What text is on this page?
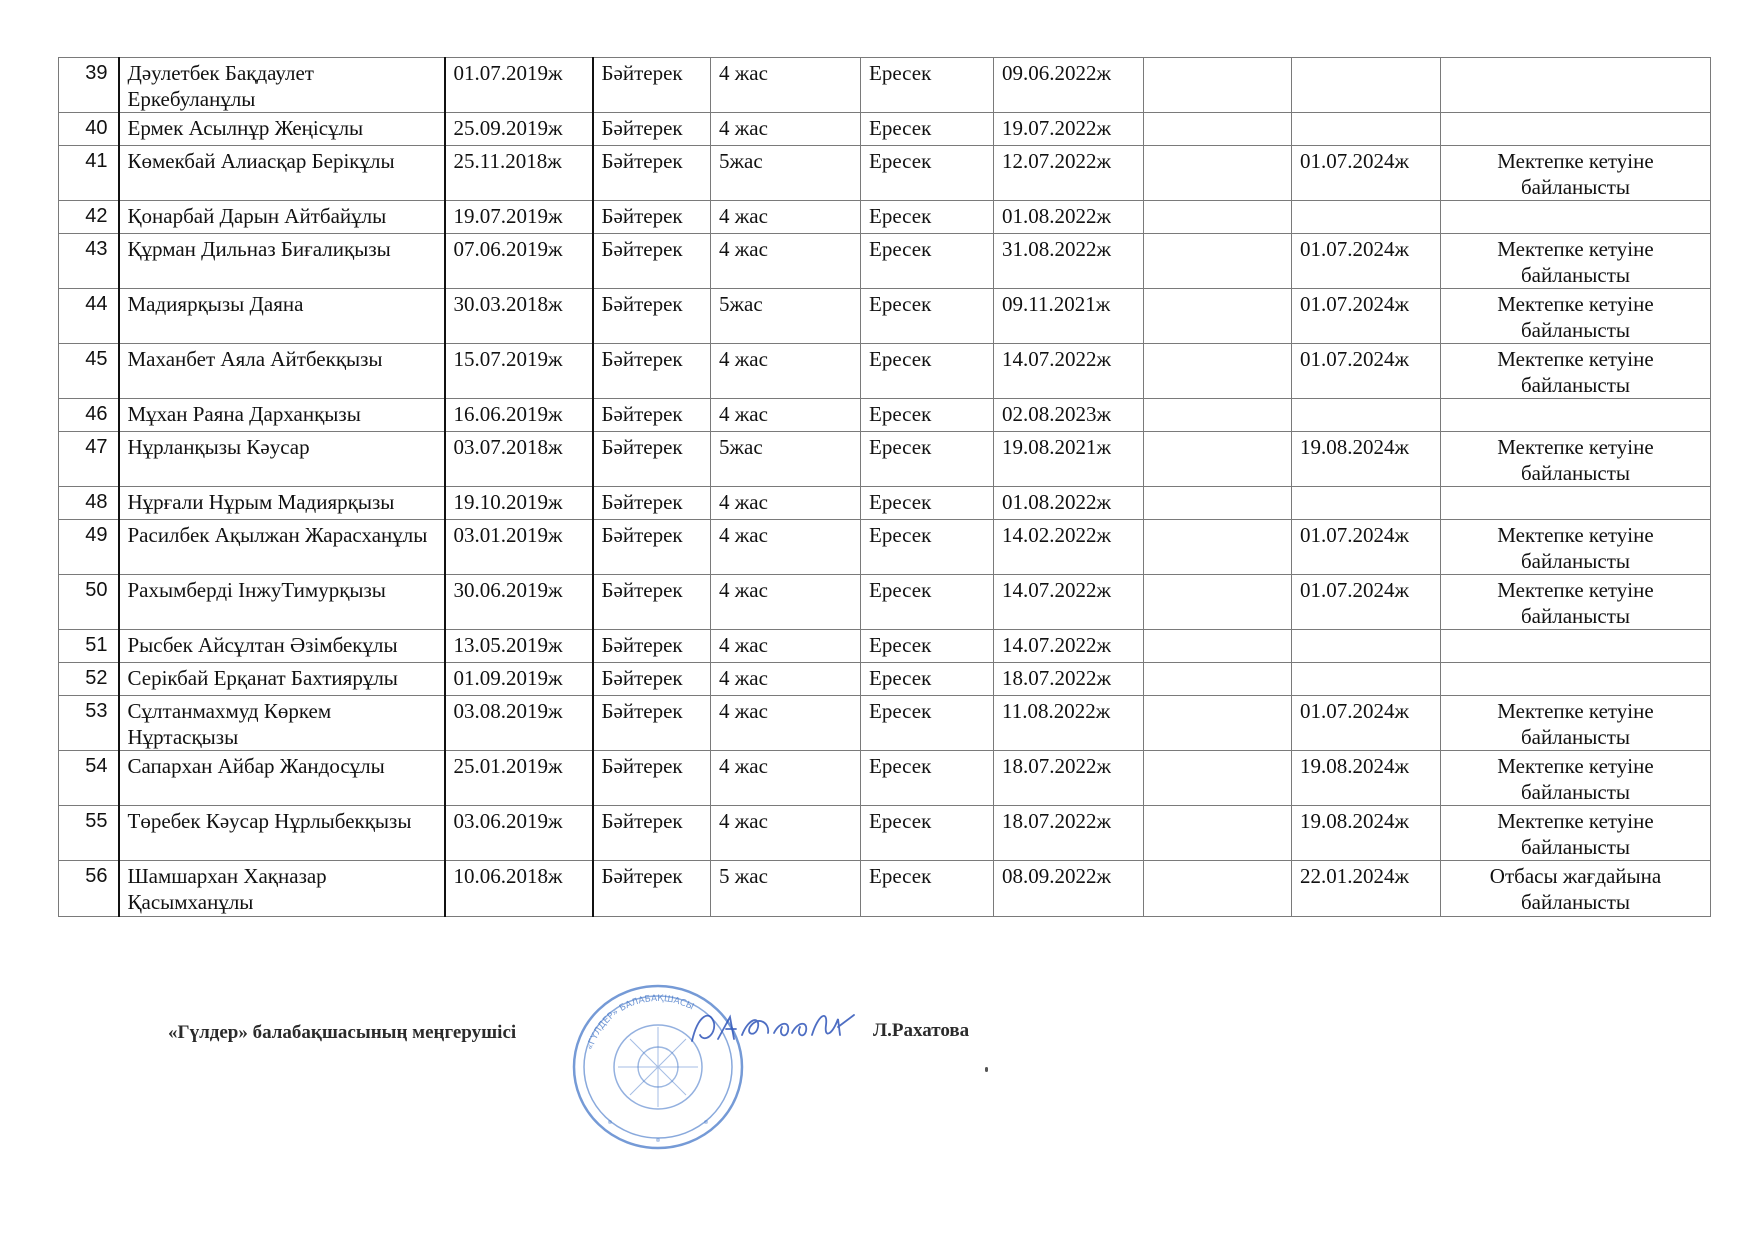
39	Дәулетбек Бақдаулет Еркебуланұлы	01.07.2019ж	Бәйтерек	4 жас	Ересек	09.06.2022ж			
40	Ермек Асылнұр Жеңісұлы	25.09.2019ж	Бәйтерек	4 жас	Ересек	19.07.2022ж			
41	Көмекбай Алиасқар Берікұлы	25.11.2018ж	Бәйтерек	5жас	Ересек	12.07.2022ж		01.07.2024ж	Мектепке кетуіне байланысты
42	Қонарбай Дарын Айтбайұлы	19.07.2019ж	Бәйтерек	4 жас	Ересек	01.08.2022ж			
43	Құрман Дильназ Биғалиқызы	07.06.2019ж	Бәйтерек	4 жас	Ересек	31.08.2022ж		01.07.2024ж	Мектепке кетуіне байланысты
44	Мадиярқызы Даяна	30.03.2018ж	Бәйтерек	5жас	Ересек	09.11.2021ж		01.07.2024ж	Мектепке кетуіне байланысты
45	Маханбет Аяла Айтбекқызы	15.07.2019ж	Бәйтерек	4 жас	Ересек	14.07.2022ж		01.07.2024ж	Мектепке кетуіне байланысты
46	Мұхан Раяна Дарханқызы	16.06.2019ж	Бәйтерек	4 жас	Ересек	02.08.2023ж			
47	Нұрланқызы Кәусар	03.07.2018ж	Бәйтерек	5жас	Ересек	19.08.2021ж		19.08.2024ж	Мектепке кетуіне байланысты
48	Нұрғали Нұрым Мадиярқызы	19.10.2019ж	Бәйтерек	4 жас	Ересек	01.08.2022ж			
49	Расилбек Ақылжан Жарасханұлы	03.01.2019ж	Бәйтерек	4 жас	Ересек	14.02.2022ж		01.07.2024ж	Мектепке кетуіне байланысты
50	Рахымберді ІнжуТимурқызы	30.06.2019ж	Бәйтерек	4 жас	Ересек	14.07.2022ж		01.07.2024ж	Мектепке кетуіне байланысты
51	Рысбек Айсұлтан Әзімбекұлы	13.05.2019ж	Бәйтерек	4 жас	Ересек	14.07.2022ж			
52	Серікбай Ерқанат Бахтиярұлы	01.09.2019ж	Бәйтерек	4 жас	Ересек	18.07.2022ж			
53	Сұлтанмахмуд Көркем Нұртасқызы	03.08.2019ж	Бәйтерек	4 жас	Ересек	11.08.2022ж		01.07.2024ж	Мектепке кетуіне байланысты
54	Сапархан Айбар Жандосұлы	25.01.2019ж	Бәйтерек	4 жас	Ересек	18.07.2022ж		19.08.2024ж	Мектепке кетуіне байланысты
55	Төребек Кәусар Нұрлыбекқызы	03.06.2019ж	Бәйтерек	4 жас	Ересек	18.07.2022ж		19.08.2024ж	Мектепке кетуіне байланысты
56	Шамшархан Хақназар Қасымханұлы	10.06.2018ж	Бәйтерек	5 жас	Ересек	08.09.2022ж		22.01.2024ж	Отбасы жағдайына байланысты
«Гүлдер» балабақшасының меңгерушісі
«ГҮЛДЕР» БАЛАБАҚШАСЫ
Л.Рахатова
